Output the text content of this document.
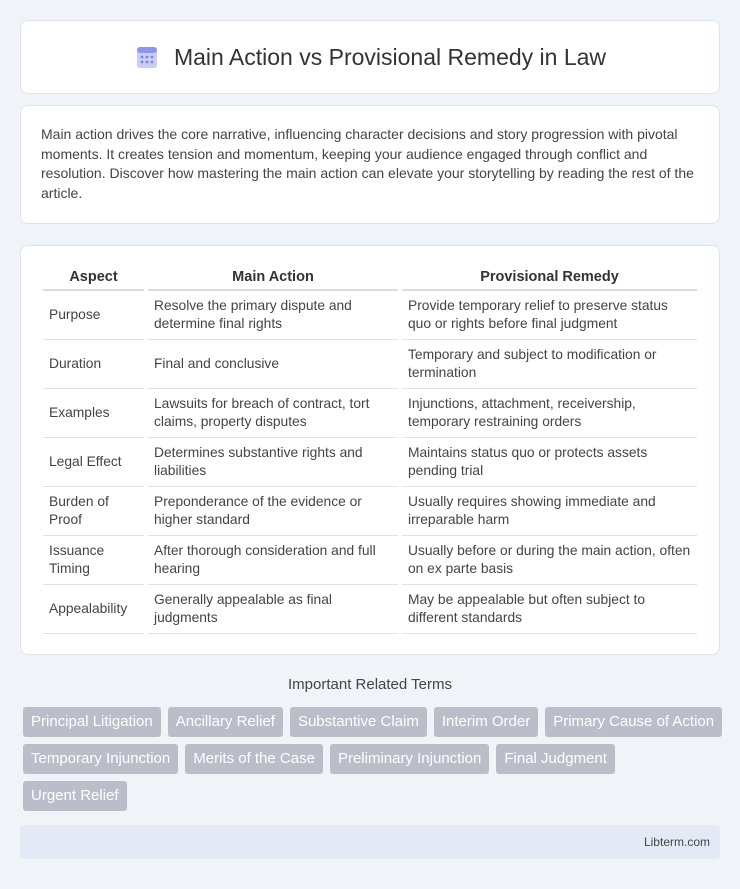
Main Action vs Provisional Remedy in Law

Main action drives the core narrative, influencing character decisions and story progression with pivotal moments. It creates tension and momentum, keeping your audience engaged through conflict and resolution. Discover how mastering the main action can elevate your storytelling by reading the rest of the article.

Aspect	Main Action	Provisional Remedy
Purpose	Resolve the primary dispute and determine final rights	Provide temporary relief to preserve status quo or rights before final judgment
Duration	Final and conclusive	Temporary and subject to modification or termination
Examples	Lawsuits for breach of contract, tort claims, property disputes	Injunctions, attachment, receivership, temporary restraining orders
Legal Effect	Determines substantive rights and liabilities	Maintains status quo or protects assets pending trial
Burden of Proof	Preponderance of the evidence or higher standard	Usually requires showing immediate and irreparable harm
Issuance Timing	After thorough consideration and full hearing	Usually before or during the main action, often on ex parte basis
Appealability	Generally appealable as final judgments	May be appealable but often subject to different standards
Important Related Terms
Principal Litigation	Ancillary Relief	Substantive Claim	Interim Order	Primary Cause of Action
Temporary Injunction	Merits of the Case	Preliminary Injunction	Final Judgment
Urgent Relief
Libterm.com
